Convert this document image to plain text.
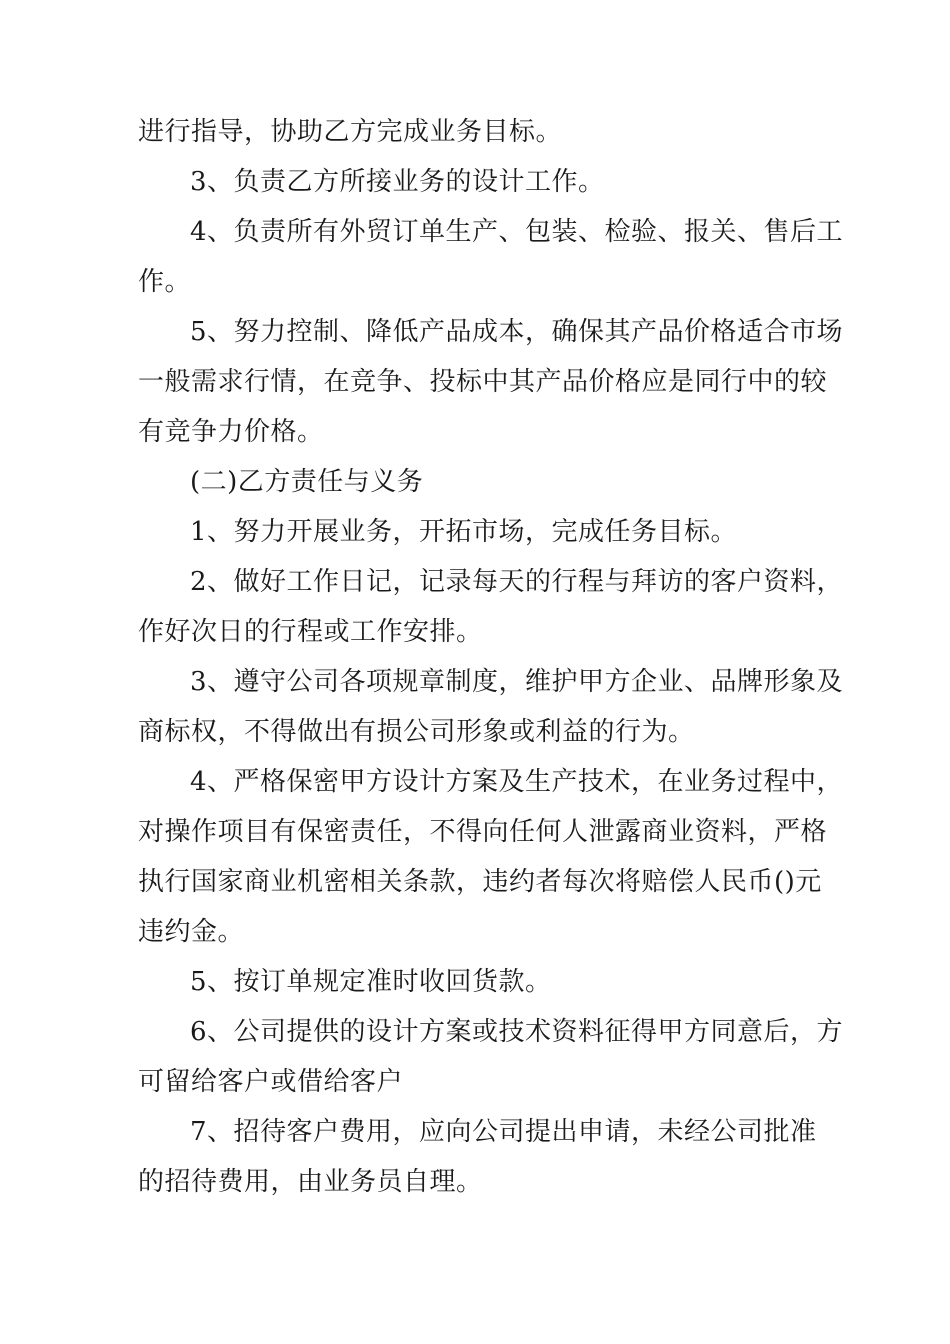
进行指导，协助乙方完成业务目标。
3、负责乙方所接业务的设计工作。
4、负责所有外贸订单生产、包装、检验、报关、售后工
作。
5、努力控制、降低产品成本，确保其产品价格适合市场
一般需求行情，在竞争、投标中其产品价格应是同行中的较
有竞争力价格。
(二)乙方责任与义务
1、努力开展业务，开拓市场，完成任务目标。
2、做好工作日记，记录每天的行程与拜访的客户资料，
作好次日的行程或工作安排。
3、遵守公司各项规章制度，维护甲方企业、品牌形象及
商标权，不得做出有损公司形象或利益的行为。
4、严格保密甲方设计方案及生产技术，在业务过程中，
对操作项目有保密责任，不得向任何人泄露商业资料，严格
执行国家商业机密相关条款，违约者每次将赔偿人民币()元
违约金。
5、按订单规定准时收回货款。
6、公司提供的设计方案或技术资料征得甲方同意后，方
可留给客户或借给客户
7、招待客户费用，应向公司提出申请，未经公司批准
的招待费用，由业务员自理。
